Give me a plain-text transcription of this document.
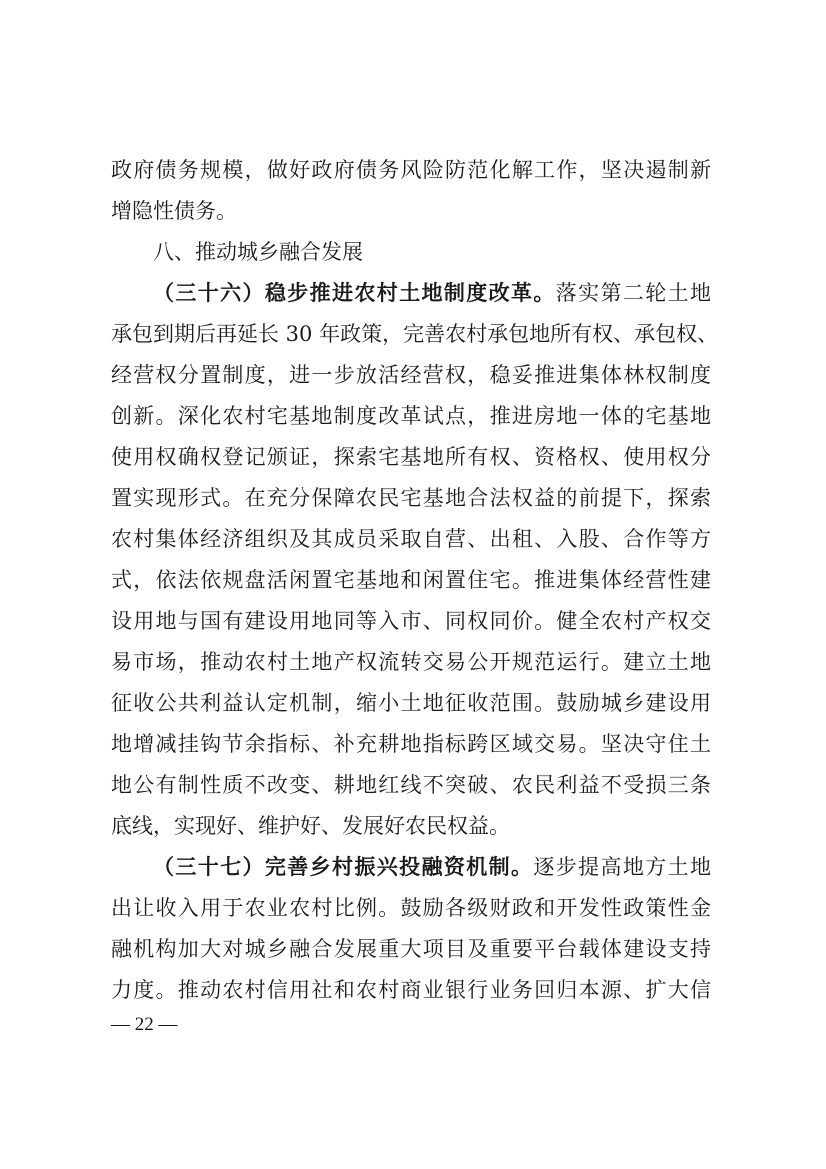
政府债务规模，做好政府债务风险防范化解工作，坚决遏制新
增隐性债务。
八、推动城乡融合发展
（三十六）稳步推进农村土地制度改革。落实第二轮土地
承包到期后再延长 30 年政策，完善农村承包地所有权、承包权、
经营权分置制度，进一步放活经营权，稳妥推进集体林权制度
创新。深化农村宅基地制度改革试点，推进房地一体的宅基地
使用权确权登记颁证，探索宅基地所有权、资格权、使用权分
置实现形式。在充分保障农民宅基地合法权益的前提下，探索
农村集体经济组织及其成员采取自营、出租、入股、合作等方
式，依法依规盘活闲置宅基地和闲置住宅。推进集体经营性建
设用地与国有建设用地同等入市、同权同价。健全农村产权交
易市场，推动农村土地产权流转交易公开规范运行。建立土地
征收公共利益认定机制，缩小土地征收范围。鼓励城乡建设用
地增减挂钩节余指标、补充耕地指标跨区域交易。坚决守住土
地公有制性质不改变、耕地红线不突破、农民利益不受损三条
底线，实现好、维护好、发展好农民权益。
（三十七）完善乡村振兴投融资机制。逐步提高地方土地
出让收入用于农业农村比例。鼓励各级财政和开发性政策性金
融机构加大对城乡融合发展重大项目及重要平台载体建设支持
力度。推动农村信用社和农村商业银行业务回归本源、扩大信
— 22 —
